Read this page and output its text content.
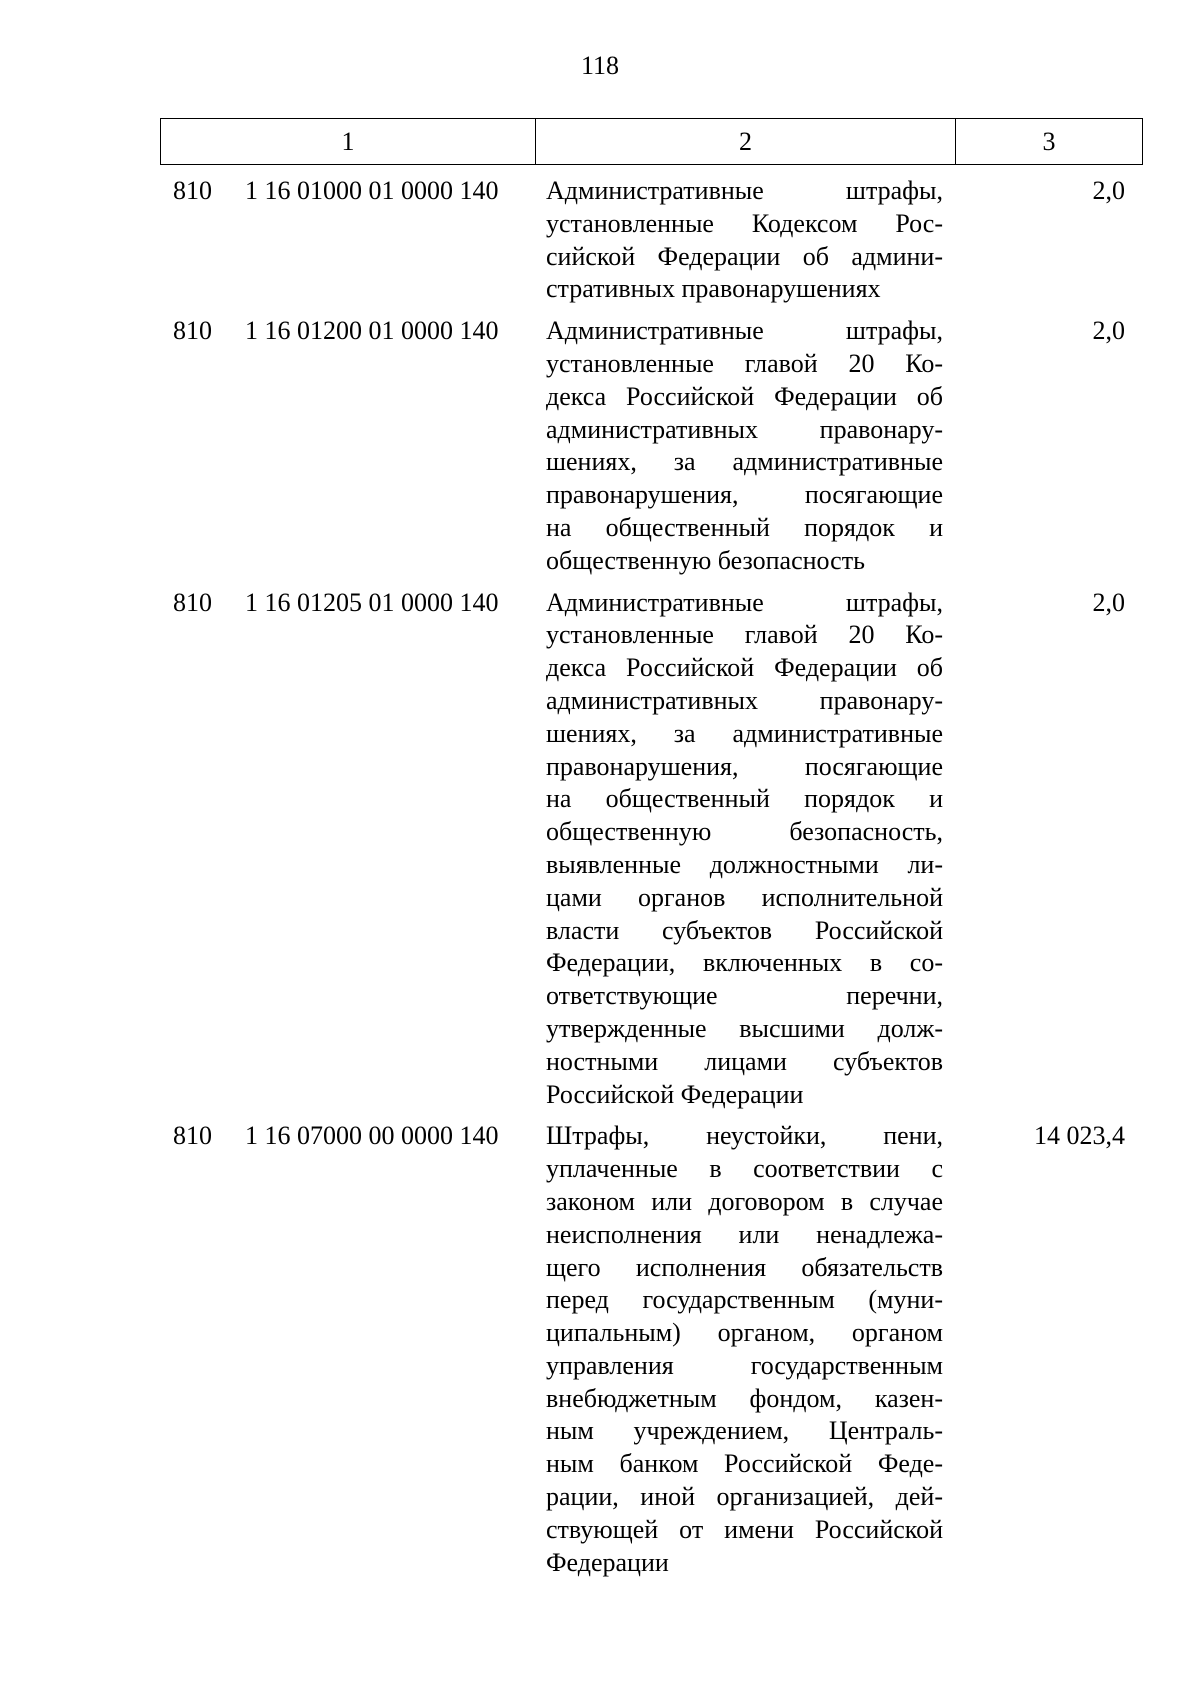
118
1	2	3
810 1 16 01000 01 0000 140 Административные штрафы,
установленные Кодексом Рос-
сийской Федерации об админи-
стративных правонарушениях
2,0
810 1 16 01200 01 0000 140 Административные штрафы,
установленные главой 20 Ко-
декса Российской Федерации об
административных правонару-
шениях, за административные
правонарушения, посягающие
на общественный порядок и
общественную безопасность
2,0
810 1 16 01205 01 0000 140 Административные штрафы,
установленные главой 20 Ко-
декса Российской Федерации об
административных правонару-
шениях, за административные
правонарушения, посягающие
на общественный порядок и
общественную безопасность,
выявленные должностными ли-
цами органов исполнительной
власти субъектов Российской
Федерации, включенных в со-
ответствующие перечни,
утвержденные высшими долж-
ностными лицами субъектов
Российской Федерации
2,0
810 1 16 07000 00 0000 140 Штрафы, неустойки, пени,
уплаченные в соответствии с
законом или договором в случае
неисполнения или ненадлежа-
щего исполнения обязательств
перед государственным (муни-
ципальным) органом, органом
управления государственным
внебюджетным фондом, казен-
ным учреждением, Централь-
ным банком Российской Феде-
рации, иной организацией, дей-
ствующей от имени Российской
Федерации
14 023,4
